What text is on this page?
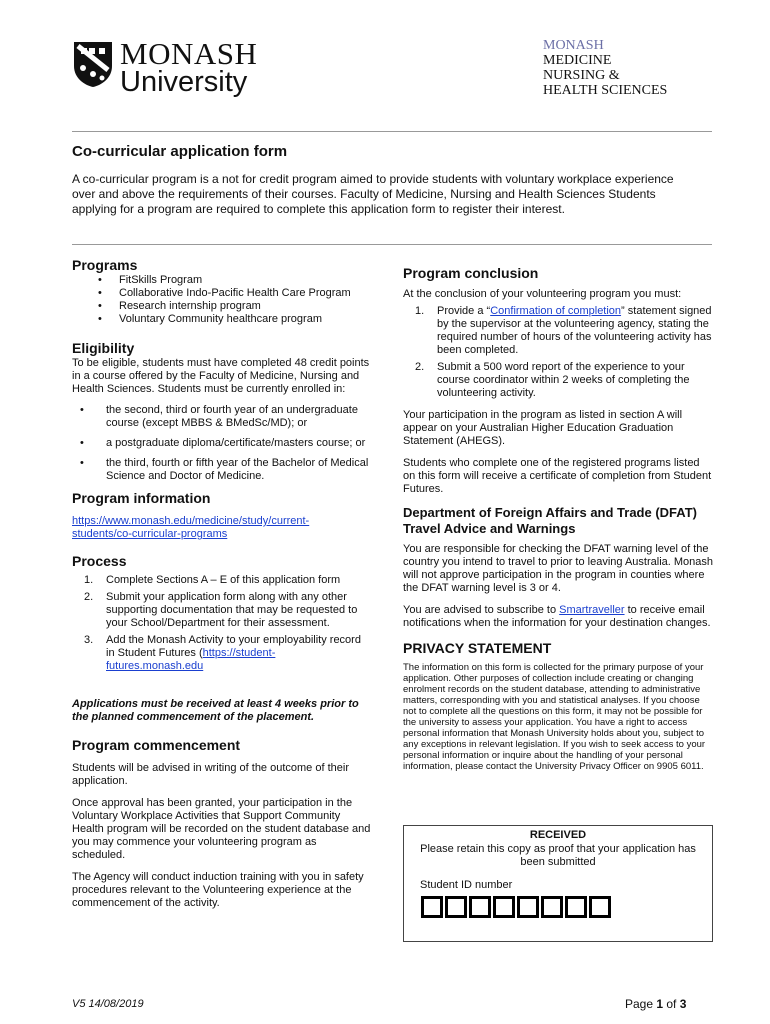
MONASH
University
MONASH
MEDICINE
NURSING &
HEALTH SCIENCES
Co-curricular application form
A co-curricular program is a not for credit program aimed to provide students with voluntary workplace experience over and above the requirements of their courses. Faculty of Medicine, Nursing and Health Sciences Students applying for a program are required to complete this application form to register their interest.
Programs
• FitSkills Program
• Collaborative Indo-Pacific Health Care Program
• Research internship program
• Voluntary Community healthcare program
Eligibility

To be eligible, students must have completed 48 credit points in a course offered by the Faculty of Medicine, Nursing and Health Sciences. Students must be currently enrolled in:

• the second, third or fourth year of an undergraduate course (except MBBS & BMedSc/MD); or
• a postgraduate diploma/certificate/masters course; or
• the third, fourth or fifth year of the Bachelor of Medical Science and Doctor of Medicine.
Program information

https://www.monash.edu/medicine/study/current-
students/co-curricular-programs

Process
1. Complete Sections A – E of this application form
2. Submit your application form along with any other supporting documentation that may be requested to your School/Department for their assessment.
3. Add the Monash Activity to your employability record in Student Futures (https://student-futures.monash.edu

Applications must be received at least 4 weeks prior to the planned commencement of the placement.

Program commencement

Students will be advised in writing of the outcome of their application.

Once approval has been granted, your participation in the Voluntary Workplace Activities that Support Community Health program will be recorded on the student database and you may commence your volunteering program as scheduled.

The Agency will conduct induction training with you in safety procedures relevant to the Volunteering experience at the commencement of the activity.

Program conclusion

At the conclusion of your volunteering program you must:

1. Provide a “Confirmation of completion” statement signed by the supervisor at the volunteering agency, stating the required number of hours of the volunteering activity has been completed.
2. Submit a 500 word report of the experience to your course coordinator within 2 weeks of completing the volunteering activity.

Your participation in the program as listed in section A will appear on your Australian Higher Education Graduation Statement (AHEGS).

Students who complete one of the registered programs listed on this form will receive a certificate of completion from Student Futures.

Department of Foreign Affairs and Trade (DFAT) Travel Advice and Warnings

You are responsible for checking the DFAT warning level of the country you intend to travel to prior to leaving Australia. Monash will not approve participation in the program in counties where the DFAT warning level is 3 or 4.

You are advised to subscribe to Smartraveller to receive email notifications when the information for your destination changes.

PRIVACY STATEMENT

The information on this form is collected for the primary purpose of your application. Other purposes of collection include creating or changing enrolment records on the student database, attending to administrative matters, corresponding with you and statistical analyses. If you choose not to complete all the questions on this form, it may not be possible for the university to assess your application. You have a right to access personal information that Monash University holds about you, subject to any exceptions in relevant legislation. If you wish to seek access to your personal information or inquire about the handling of your personal information, please contact the University Privacy Officer on 9905 6011.

RECEIVED
Please retain this copy as proof that your application has been submitted
Student ID number
V5 14/08/2019	Page 1 of 3
